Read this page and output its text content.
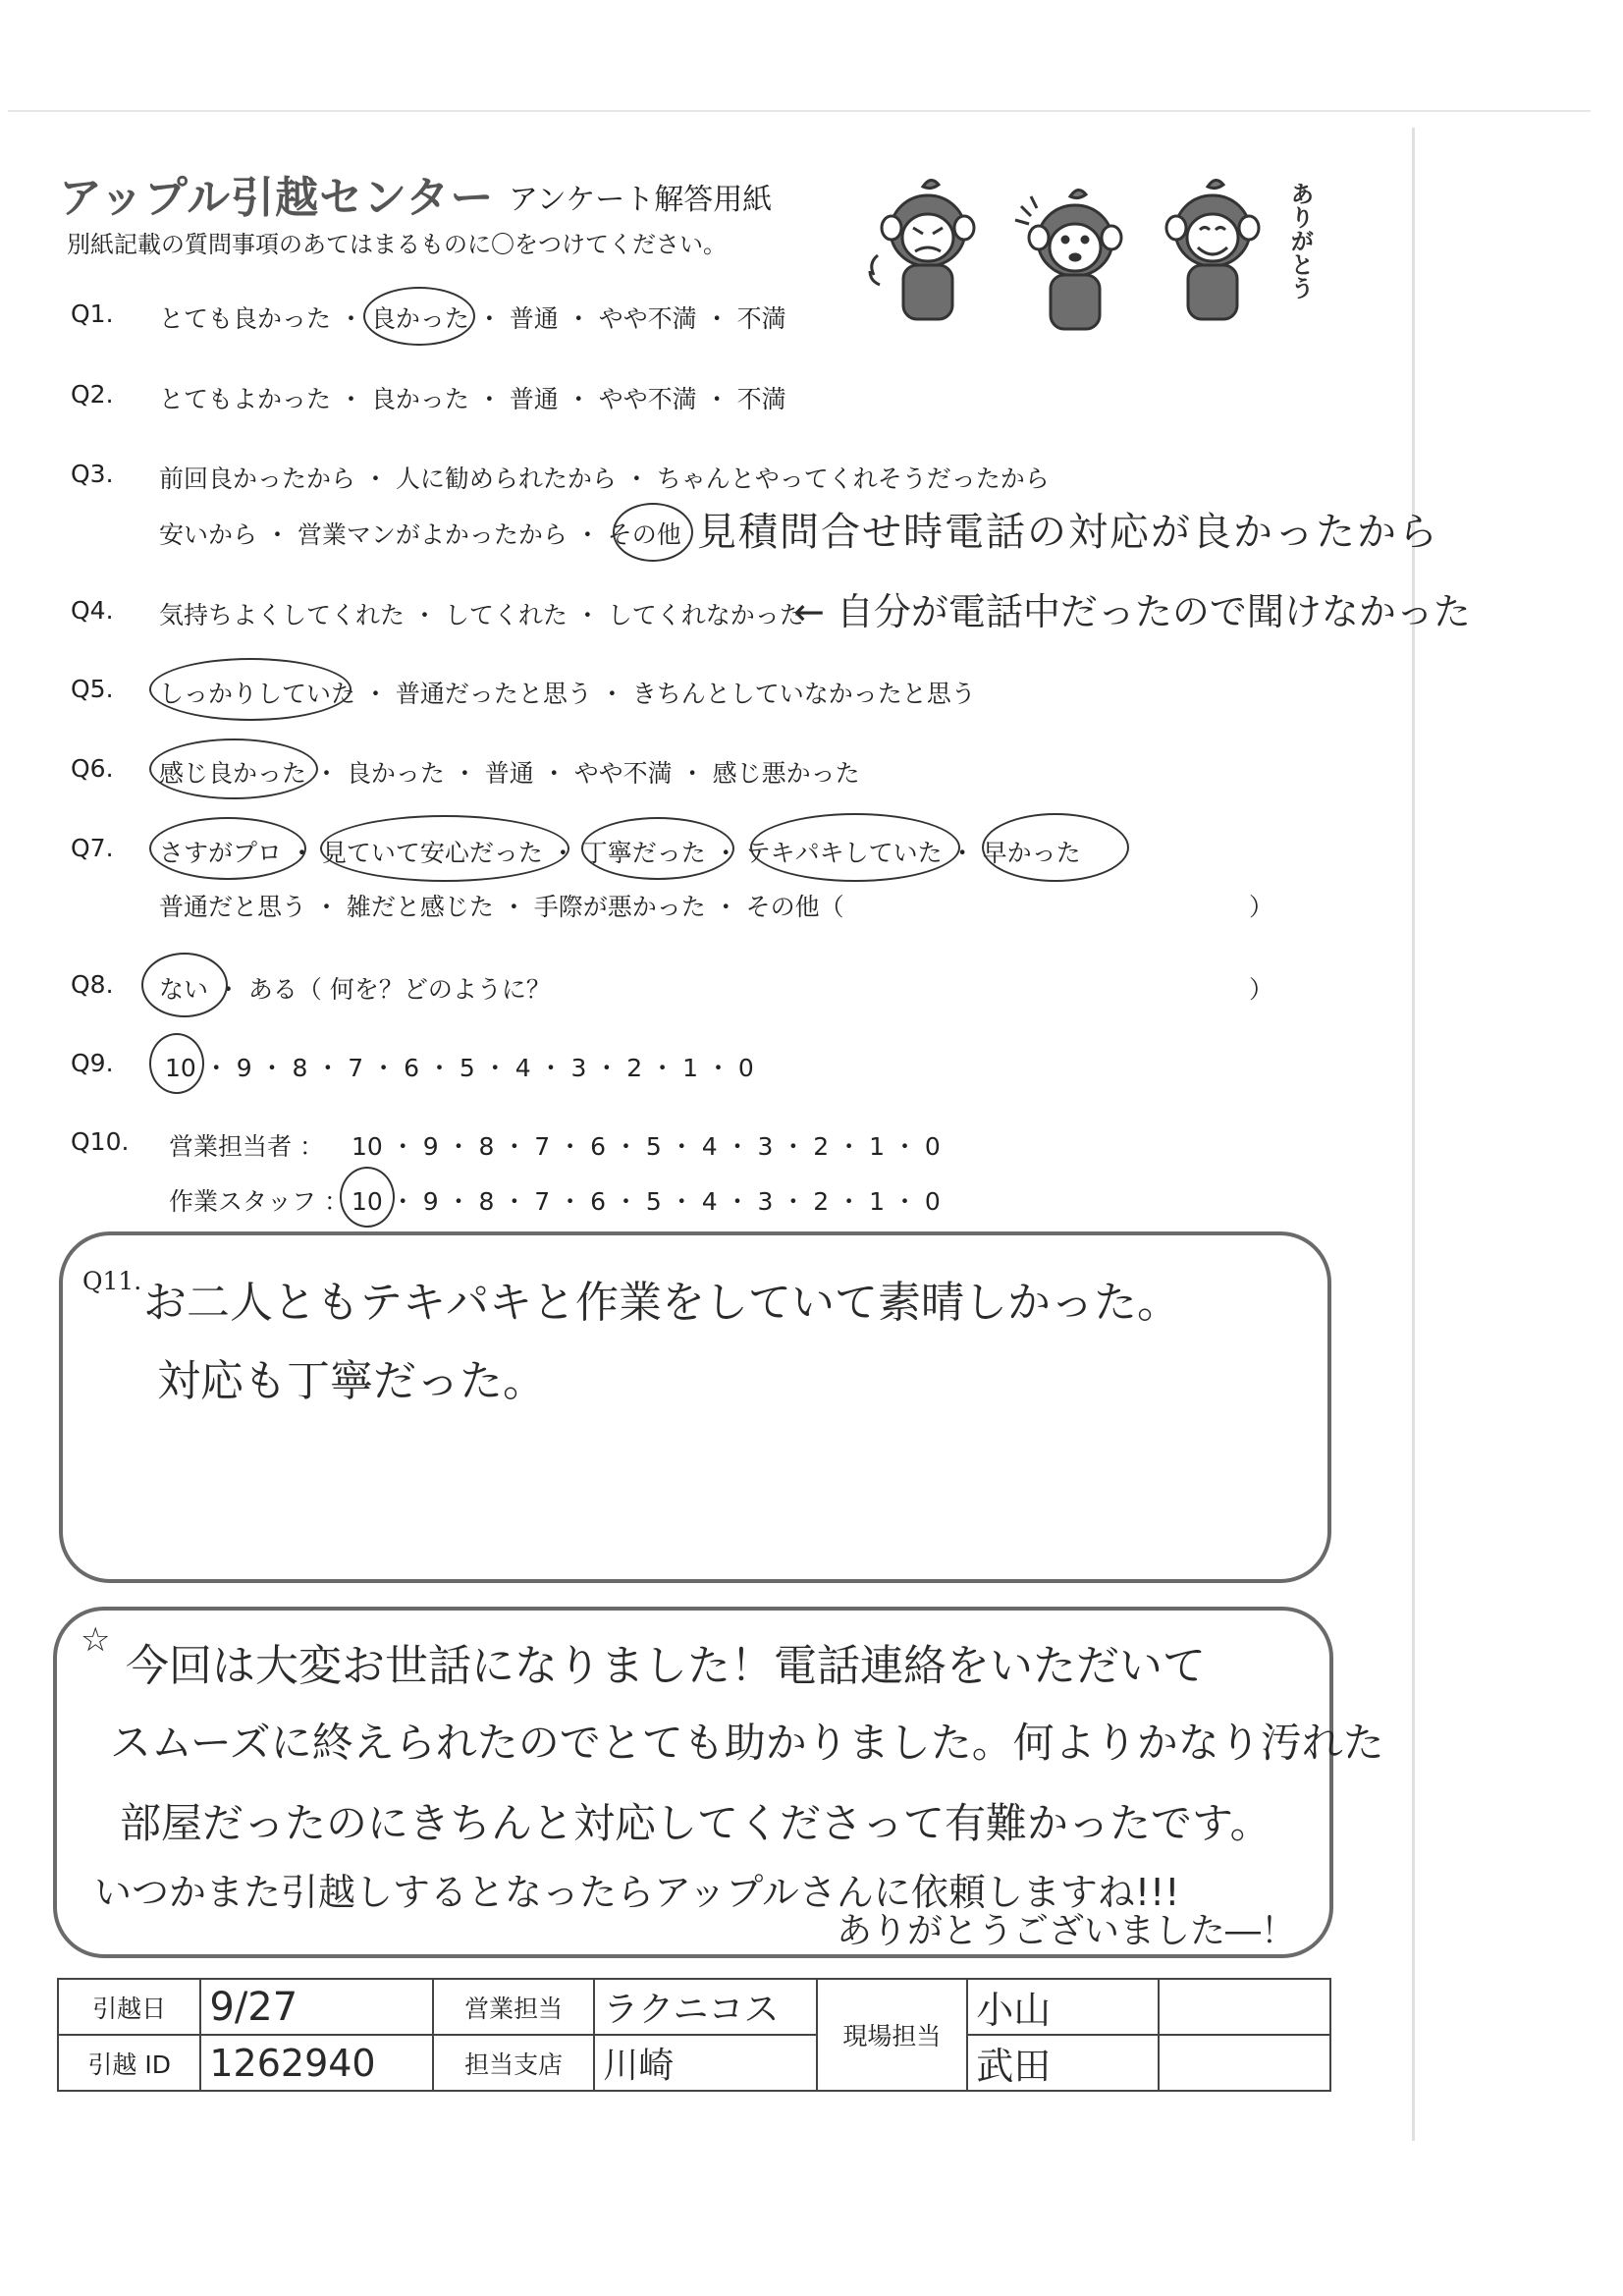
アップル引越センター アンケート解答用紙
別紙記載の質問事項のあてはまるものに〇をつけてください。	ありがとう
Q1. とても良かった ・ 良かった ・ 普通 ・ やや不満 ・ 不満
Q2. とてもよかった ・ 良かった ・ 普通 ・ やや不満 ・ 不満
Q3. 前回良かったから ・ 人に勧められたから ・ ちゃんとやってくれそうだったから
安いから ・ 営業マンがよかったから ・ その他 見積問合せ時電話の対応が良かったから
Q4. 気持ちよくしてくれた ・ してくれた ・ してくれなかった
← 自分が電話中だったので聞けなかった
Q5. しっかりしていた ・ 普通だったと思う ・ きちんとしていなかったと思う
Q6. 感じ良かった ・ 良かった ・ 普通 ・ やや不満 ・ 感じ悪かった
Q7. さすがプロ ・ 見ていて安心だった ・ 丁寧だった ・ テキパキしていた ・ 早かった
普通だと思う ・ 雑だと感じた ・ 手際が悪かった ・ その他（	）
Q8. ない ・ ある（ 何を？どのように？	）
Q9. 10 ・ 9 ・ 8 ・ 7 ・ 6 ・ 5 ・ 4 ・ 3 ・ 2 ・ 1 ・ 0
Q10. 営業担当者 ： 10 ・ 9 ・ 8 ・ 7 ・ 6 ・ 5 ・ 4 ・ 3 ・ 2 ・ 1 ・ 0
作業スタッフ ： 10 ・ 9 ・ 8 ・ 7 ・ 6 ・ 5 ・ 4 ・ 3 ・ 2 ・ 1 ・ 0
Q11. お二人ともテキパキと作業をしていて素晴しかった。
対応も丁寧だった。
☆
今回は大変お世話になりました！電話連絡をいただいて
スムーズに終えられたのでとても助かりました。何よりかなり汚れた
部屋だったのにきちんと対応してくださって有難かったです。
いつかまた引越しするとなったらアップルさんに依頼しますね!!!
ありがとうございました―！
引越日	9/27	営業担当	ラクニコス	現場担当	小山	
引越 ID	1262940	担当支店	川崎		武田	
